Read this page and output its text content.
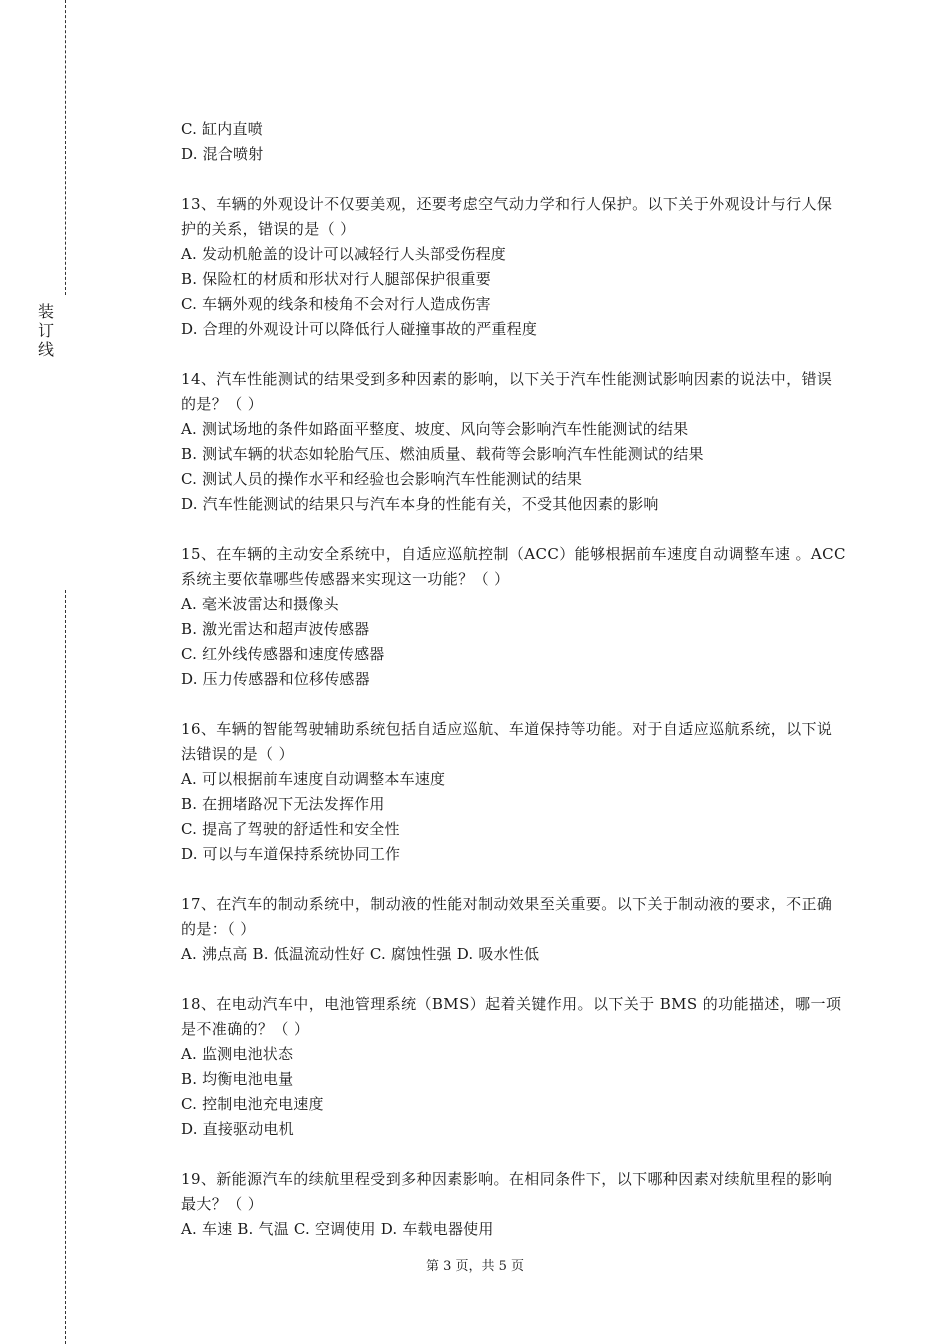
装
订
线
C. 缸内直喷
D. 混合喷射
13、车辆的外观设计不仅要美观，还要考虑空气动力学和行人保护。以下关于外观设计与行人保护的关系，错误的是（ ）
A. 发动机舱盖的设计可以减轻行人头部受伤程度
B. 保险杠的材质和形状对行人腿部保护很重要
C. 车辆外观的线条和棱角不会对行人造成伤害
D. 合理的外观设计可以降低行人碰撞事故的严重程度
14、汽车性能测试的结果受到多种因素的影响，以下关于汽车性能测试影响因素的说法中，错误的是？（ ）
A. 测试场地的条件如路面平整度、坡度、风向等会影响汽车性能测试的结果
B. 测试车辆的状态如轮胎气压、燃油质量、载荷等会影响汽车性能测试的结果
C. 测试人员的操作水平和经验也会影响汽车性能测试的结果
D. 汽车性能测试的结果只与汽车本身的性能有关，不受其他因素的影响
15、在车辆的主动安全系统中，自适应巡航控制（ACC）能够根据前车速度自动调整车速 。ACC 系统主要依靠哪些传感器来实现这一功能？（ ）
A. 毫米波雷达和摄像头
B. 激光雷达和超声波传感器
C. 红外线传感器和速度传感器
D. 压力传感器和位移传感器
16、车辆的智能驾驶辅助系统包括自适应巡航、车道保持等功能。对于自适应巡航系统，以下说法错误的是（ ）
A. 可以根据前车速度自动调整本车速度
B. 在拥堵路况下无法发挥作用
C. 提高了驾驶的舒适性和安全性
D. 可以与车道保持系统协同工作
17、在汽车的制动系统中，制动液的性能对制动效果至关重要。以下关于制动液的要求，不正确的是：（ ）
A. 沸点高 B. 低温流动性好 C. 腐蚀性强 D. 吸水性低
18、在电动汽车中，电池管理系统（BMS）起着关键作用。以下关于 BMS 的功能描述，哪一项是不准确的？（ ）
A. 监测电池状态
B. 均衡电池电量
C. 控制电池充电速度
D. 直接驱动电机
19、新能源汽车的续航里程受到多种因素影响。在相同条件下，以下哪种因素对续航里程的影响最大？（ ）
A. 车速 B. 气温 C. 空调使用 D. 车载电器使用
第 3 页，共 5 页
